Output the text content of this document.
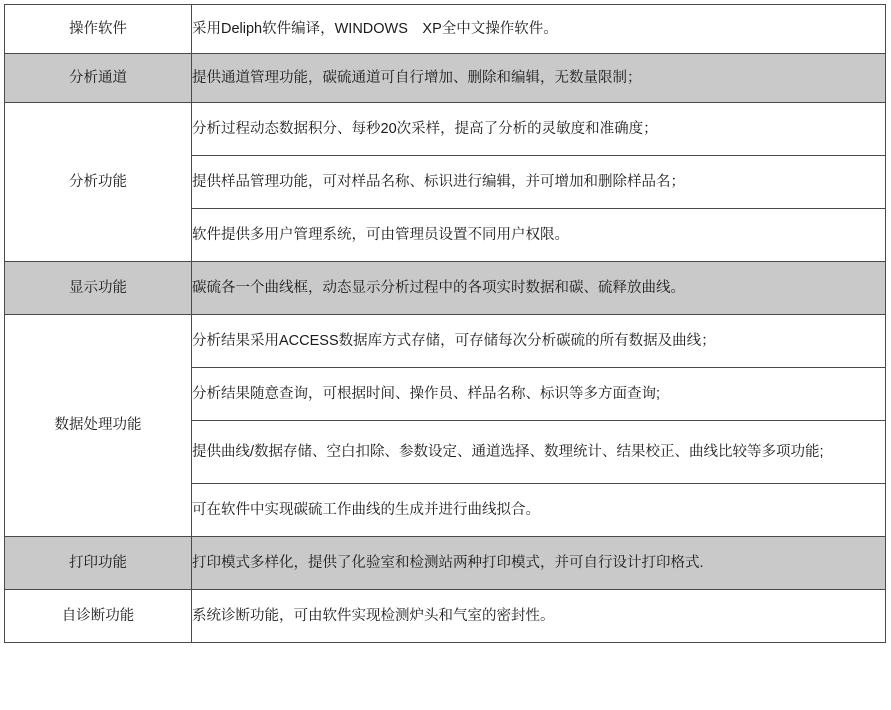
操作软件	采用Deliph软件编译，WINDOWS　XP全中文操作软件。
分析通道	提供通道管理功能，碳硫通道可自行增加、删除和编辑，无数量限制；
分析功能	分析过程动态数据积分、每秒20次采样，提高了分析的灵敏度和准确度；
	提供样品管理功能，可对样品名称、标识进行编辑，并可增加和删除样品名；
	软件提供多用户管理系统，可由管理员设置不同用户权限。
显示功能	碳硫各一个曲线框，动态显示分析过程中的各项实时数据和碳、硫释放曲线。
数据处理功能	分析结果采用ACCESS数据库方式存储，可存储每次分析碳硫的所有数据及曲线；
	分析结果随意查询，可根据时间、操作员、样品名称、标识等多方面查询;
	提供曲线/数据存储、空白扣除、参数设定、通道选择、数理统计、结果校正、曲线比较等多项功能;
	可在软件中实现碳硫工作曲线的生成并进行曲线拟合。
打印功能	打印模式多样化，提供了化验室和检测站两种打印模式，并可自行设计打印格式.
自诊断功能	系统诊断功能，可由软件实现检测炉头和气室的密封性。
